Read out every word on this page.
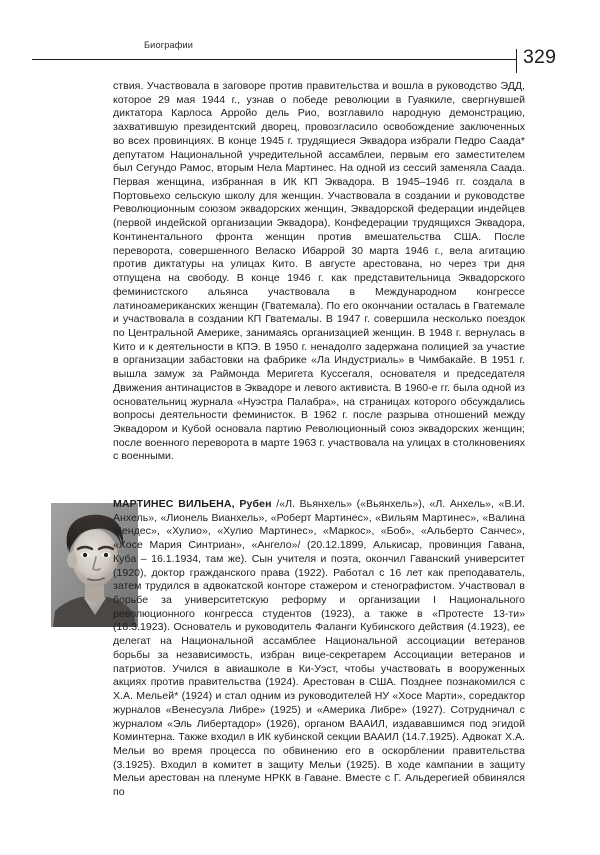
Биографии
329

ствия. Участвовала в заговоре против правительства и вошла в руководство ЭДД, которое 29 мая 1944 г., узнав о победе революции в Гуаякиле, свергнувшей диктатора Карлоса Appoйo дель Рио, возглавило народную демонстрацию, захватившую президентский дворец, провозгласило освобождение заключенных во всех провинциях. В конце 1945 г. трудящиеся Эквадора избрали Педро Саада* депутатом Национальной учредительной ассамблеи, первым его заместителем был Сегундо Рамос, вторым Нела Мартинес. На одной из сессий заменяла Саада. Первая женщина, избранная в ИК КП Эквадора. В 1945–1946 гг. создала в Портовьехо сельскую школу для женщин. Участвовала в создании и руководстве Революционным союзом эквадорских женщин, Эквадорской федерации индейцев (первой индейской организации Эквадора), Конфедерации трудящихся Эквадора, Континентального фронта женщин против вмешательства США. После переворота, совершенного Веласко Ибаррой 30 марта 1946 г., вела агитацию против диктатуры на улицах Кито. В августе арестована, но через три дня отпущена на свободу. В конце 1946 г. как представительница Эквадорского феминистского альянса участвовала в Международном конгрессе латиноамериканских женщин (Гватемала). По его окончании осталась в Гватемале и участвовала в создании КП Гватемалы. В 1947 г. совершила несколько поездок по Центральной Америке, занимаясь организацией женщин. В 1948 г. вернулась в Кито и к деятельности в КПЭ. В 1950 г. ненадолго задержана полицией за участие в организации забастовки на фабрике «Ла Индустриаль» в Чимбакайе. В 1951 г. вышла замуж за Раймонда Меригета Куссегаля, основателя и председателя Движения антинацистов в Эквадоре и левого активиста. В 1960-е гг. была одной из основательниц журнала «Нуэстра Палабра», на страницах которого обсуждались вопросы деятельности феминисток. В 1962 г. после разрыва отношений между Эквадором и Кубой основала партию Революционный союз эквадорских женщин; после военного переворота в марте 1963 г. участвовала на улицах в столкновениях с военными.

МАРТИНЕС ВИЛЬЕНА, Рубен /«Л. Вьянхель» («Вьянхель»), «Л. Анхель», «В.И. Анхель», «Лионель Вианхель», «Роберт Мартинес», «Вильям Мартинес», «Валина Мендес», «Хулио», «Хулио Мартинес», «Маркос», «Боб», «Альберто Санчес», «Хосе Мария Синтриан», «Ангело»/ (20.12.1899, Алькисар, провинция Гавана, Куба – 16.1.1934, там же). Сын учителя и поэта, окончил Гаванский университет (1920), доктор гражданского права (1922). Работал с 16 лет как преподаватель, затем трудился в адвокатской конторе стажером и стенографистом. Участвовал в борьбе за университетскую реформу и организации I Национального революционного конгресса студентов (1923), а также в «Протесте 13-ти» (18.3.1923). Основатель и руководитель Фаланги Кубинского действия (4.1923), ее делегат на Национальной ассамблее Национальной ассоциации ветеранов борьбы за независимость, избран вице-секретарем Ассоциации ветеранов и патриотов. Учился в авиашколе в Ки-Уэст, чтобы участвовать в вооруженных акциях против правительства (1924). Арестован в США. Позднее познакомился с Х.А. Мельей* (1924) и стал одним из руководителей НУ «Хосе Марти», соредактор журналов «Венесуэла Либре» (1925) и «Америка Либре» (1927). Сотрудничал с журналом «Эль Либертадор» (1926), органом ВААИЛ, издававшимся под эгидой Коминтерна. Также входил в ИК кубинской секции ВААИЛ (14.7.1925). Адвокат Х.А. Мельи во время процесса по обвинению его в оскорблении правительства (3.1925). Входил в комитет в защиту Мельи (1925). В ходе кампании в защиту Мельи арестован на пленуме НРКК в Гаване. Вместе с Г. Альдерегией обвинялся по
